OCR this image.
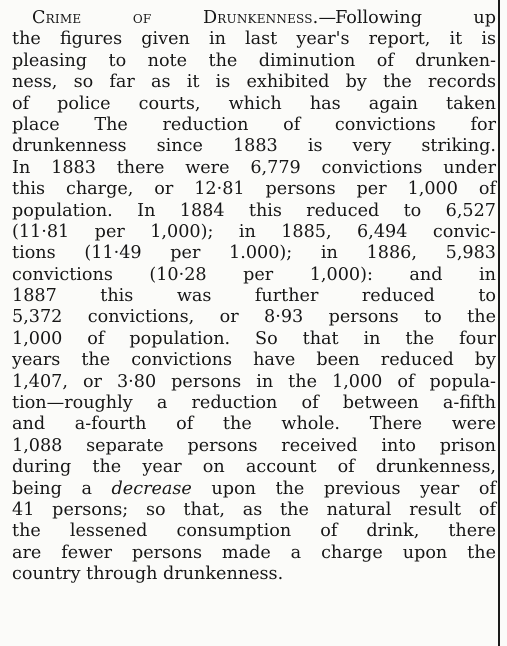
Crime of Drunkenness.—Following up
the figures given in last year's report, it is
pleasing to note the diminution of drunken-
ness, so far as it is exhibited by the records
of police courts, which has again taken
place The reduction of convictions for
drunkenness since 1883 is very striking.
In 1883 there were 6,779 convictions under
this charge, or 12·81 persons per 1,000 of
population. In 1884 this reduced to 6,527
(11·81 per 1,000); in 1885, 6,494 convic-
tions (11·49 per 1.000); in 1886, 5,983
convictions (10·28 per 1,000): and in
1887 this was further reduced to
5,372 convictions, or 8·93 persons to the
1,000 of population. So that in the four
years the convictions have been reduced by
1,407, or 3·80 persons in the 1,000 of popula-
tion—roughly a reduction of between a-fifth
and a-fourth of the whole. There were
1,088 separate persons received into prison
during the year on account of drunkenness,
being a decrease upon the previous year of
41 persons; so that, as the natural result of
the lessened consumption of drink, there
are fewer persons made a charge upon the
country through drunkenness.
